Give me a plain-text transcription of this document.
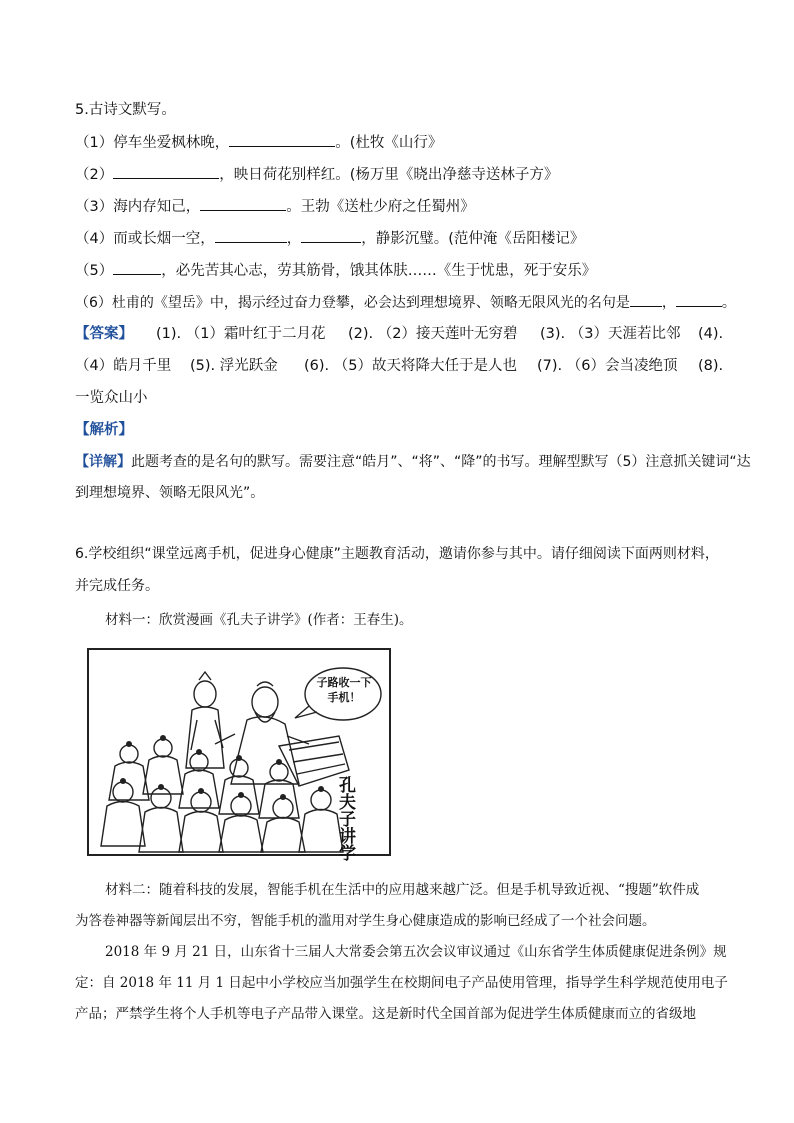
5.古诗文默写。
（1）停车坐爱枫林晚，	。(杜牧《山行》
（2）	，映日荷花别样红。(杨万里《晓出净慈寺送林子方》
（3）海内存知己，	。王勃《送杜少府之任蜀州》
（4）而或长烟一空，	，	，静影沉璧。(范仲淹《岳阳楼记》
（5）	，必先苦其心志，劳其筋骨，饿其体肤……《生于忧患，死于安乐》
（6）杜甫的《望岳》中，揭示经过奋力登攀，必会达到理想境界、领略无限风光的名句是 ，	。
【答案】 (1). （1）霜叶红于二月花 (2). （2）接天莲叶无穷碧 (3). （3）天涯若比邻 (4).
（4）皓月千里 (5). 浮光跃金 (6). （5）故天将降大任于是人也 (7). （6）会当凌绝顶 (8).
一览众山小
【解析】
【详解】此题考查的是名句的默写。需要注意“皓月”、“将”、“降”的书写。理解型默写（5）注意抓关键词“达
到理想境界、领略无限风光”。
6.学校组织“课堂远离手机，促进身心健康”主题教育活动，邀请你参与其中。请仔细阅读下面两则材料，
并完成任务。
材料一：欣赏漫画《孔夫子讲学》(作者：王春生)。
子路收一下手机！
孔夫子讲学
材料二：随着科技的发展，智能手机在生活中的应用越来越广泛。但是手机导致近视、“搜题”软件成
为答卷神器等新闻层出不穷，智能手机的滥用对学生身心健康造成的影响已经成了一个社会问题。
2018 年 9 月 21 日，山东省十三届人大常委会第五次会议审议通过《山东省学生体质健康促进条例》规
定：自 2018 年 11 月 1 日起中小学校应当加强学生在校期间电子产品使用管理，指导学生科学规范使用电子
产品；严禁学生将个人手机等电子产品带入课堂。这是新时代全国首部为促进学生体质健康而立的省级地
